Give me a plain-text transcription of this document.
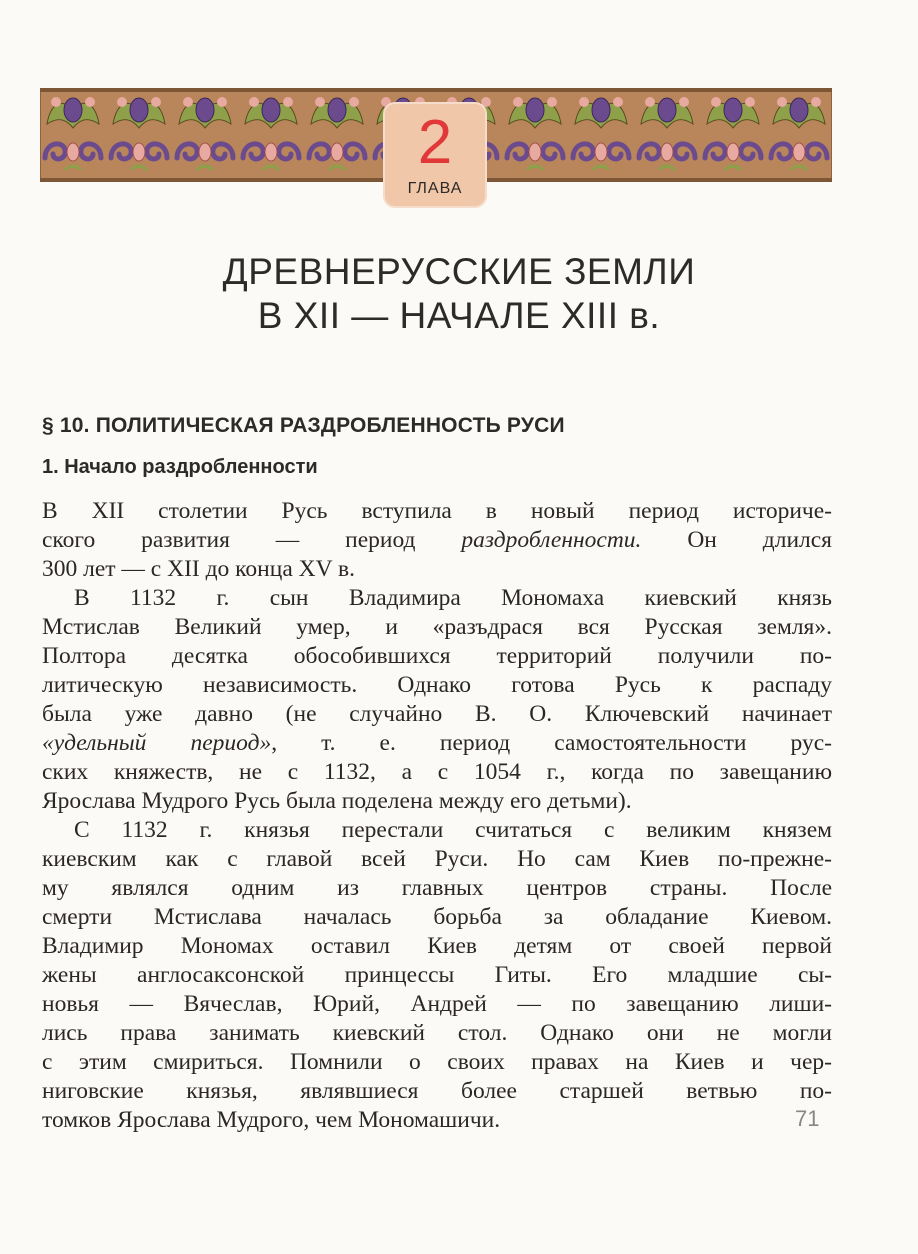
2
ГЛАВА
ДРЕВНЕРУССКИЕ ЗЕМЛИ
В XII — НАЧАЛЕ XIII в.
§ 10. ПОЛИТИЧЕСКАЯ РАЗДРОБЛЕННОСТЬ РУСИ
1. Начало раздробленности
В XII столетии Русь вступила в новый период историче-
ского развития — период раздробленности. Он длился
300 лет — с XII до конца XV в.
В 1132 г. сын Владимира Мономаха киевский князь
Мстислав Великий умер, и «разъдрася вся Русская земля».
Полтора десятка обособившихся территорий получили по-
литическую независимость. Однако готова Русь к распаду
была уже давно (не случайно В. О. Ключевский начинает
«удельный период», т. е. период самостоятельности рус-
ских княжеств, не с 1132, а с 1054 г., когда по завещанию
Ярослава Мудрого Русь была поделена между его детьми).
С 1132 г. князья перестали считаться с великим князем
киевским как с главой всей Руси. Но сам Киев по-прежне-
му являлся одним из главных центров страны. После
смерти Мстислава началась борьба за обладание Киевом.
Владимир Мономах оставил Киев детям от своей первой
жены англосаксонской принцессы Гиты. Его младшие сы-
новья — Вячеслав, Юрий, Андрей — по завещанию лиши-
лись права занимать киевский стол. Однако они не могли
с этим смириться. Помнили о своих правах на Киев и чер-
ниговские князья, являвшиеся более старшей ветвью по-
томков Ярослава Мудрого, чем Мономашичи.	71
